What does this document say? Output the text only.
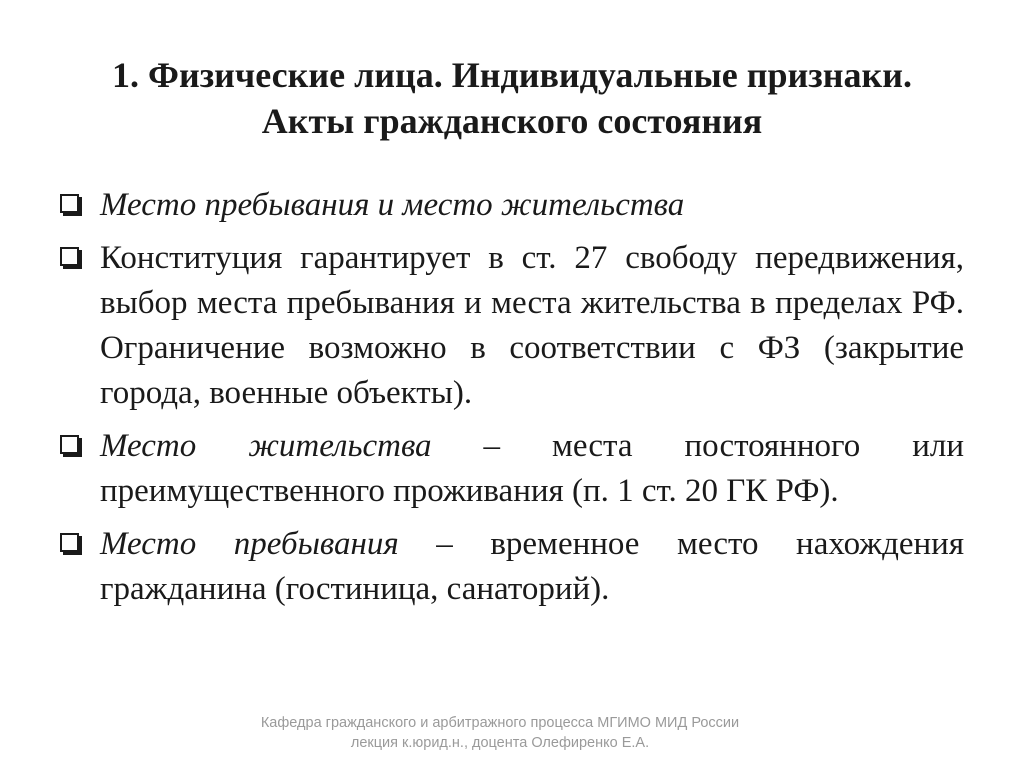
1. Физические лица. Индивидуальные признаки.
Акты гражданского состояния
Место пребывания и место жительства
Конституция гарантирует в ст. 27 свободу передвижения, выбор места пребывания и места жительства в пределах РФ. Ограничение возможно в соответствии с ФЗ (закрытие города, военные объекты).
Место жительства – места постоянного или преимущественного проживания (п. 1 ст. 20 ГК РФ).
Место пребывания – временное место нахождения гражданина (гостиница, санаторий).
Кафедра гражданского и арбитражного процесса МГИМО МИД России
лекция к.юрид.н., доцента Олефиренко Е.А.
